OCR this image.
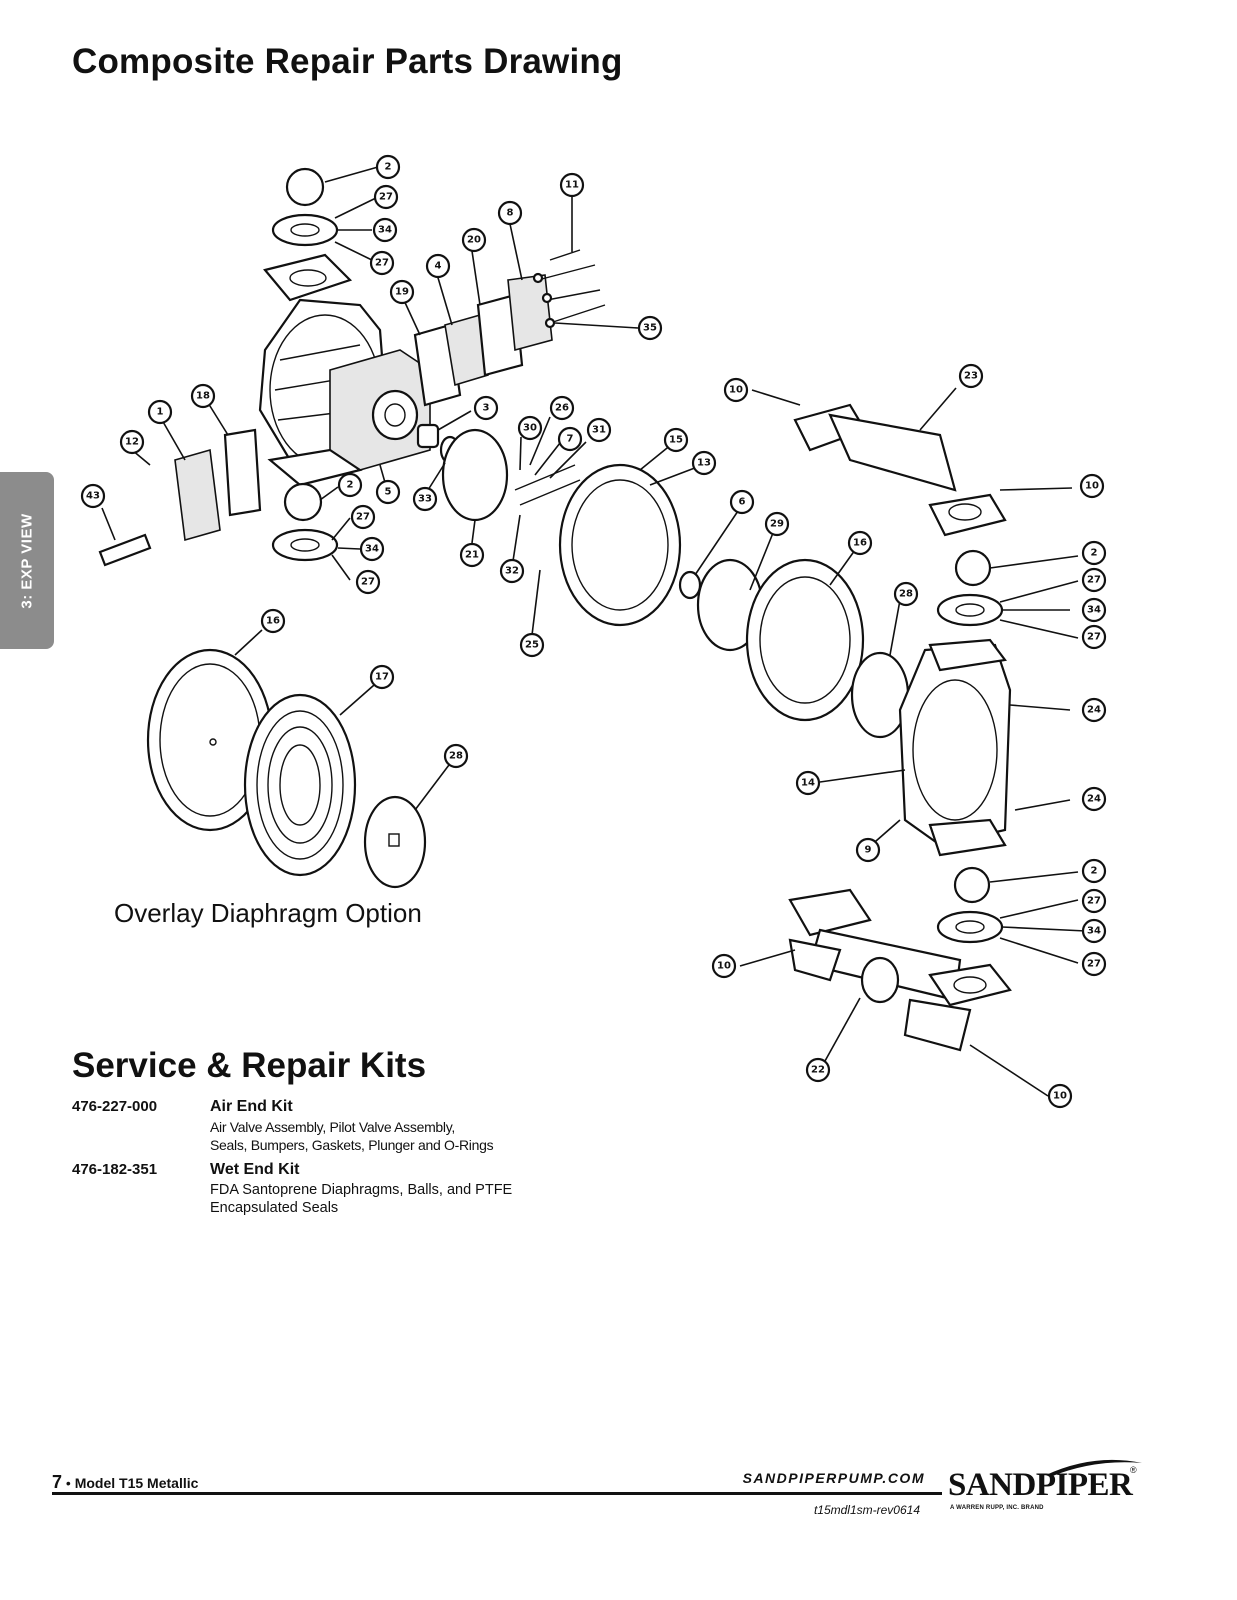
Composite Repair Parts Drawing
3: EXP VIEW
2
27
34
27
11
8
20
4
19
35
10
23
18
1
12
43
3	26
30
7
31
15
13
2
5
33
27
34
27
21
32
25
6
29
16
28
10
2
27
34
27
24
14
24
9
16
17
28
2
27
34
27
10
22
10
Overlay Diaphragm Option
Service & Repair Kits
476-227-000	Air End Kit
Air Valve Assembly, Pilot Valve Assembly,
Seals, Bumpers, Gaskets, Plunger and O-Rings
476-182-351	Wet End Kit
FDA Santoprene Diaphragms, Balls, and PTFE
Encapsulated Seals
7 • Model T15 Metallic	SANDPIPERPUMP.COM
t15mdl1sm-rev0614
SANDPIPER
®
A WARREN RUPP, INC. BRAND
